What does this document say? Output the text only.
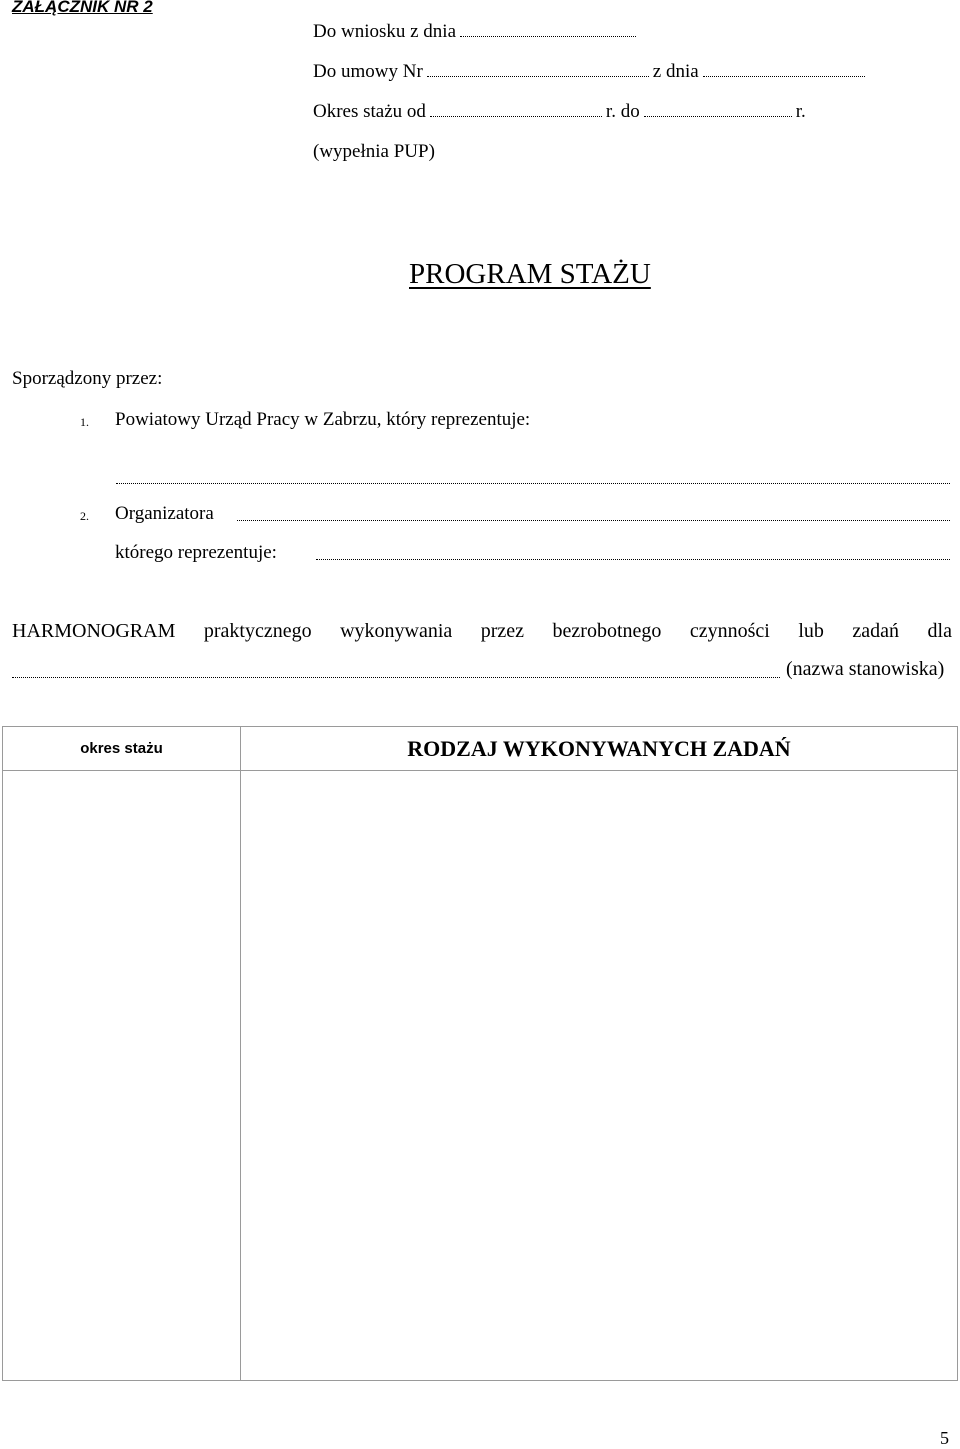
ZAŁĄCZNIK NR 2
Do wniosku z dnia
Do umowy Nr	z dnia
Okres stażu od	r. do	r.
(wypełnia PUP)
PROGRAM STAŻU
Sporządzony przez:
1. Powiatowy Urząd Pracy w Zabrzu, który reprezentuje:
2. Organizatora
którego reprezentuje:
HARMONOGRAM praktycznego wykonywania przez bezrobotnego czynności lub zadań dla
(nazwa stanowiska)
okres stażu	RODZAJ WYKONYWANYCH ZADAŃ

5
